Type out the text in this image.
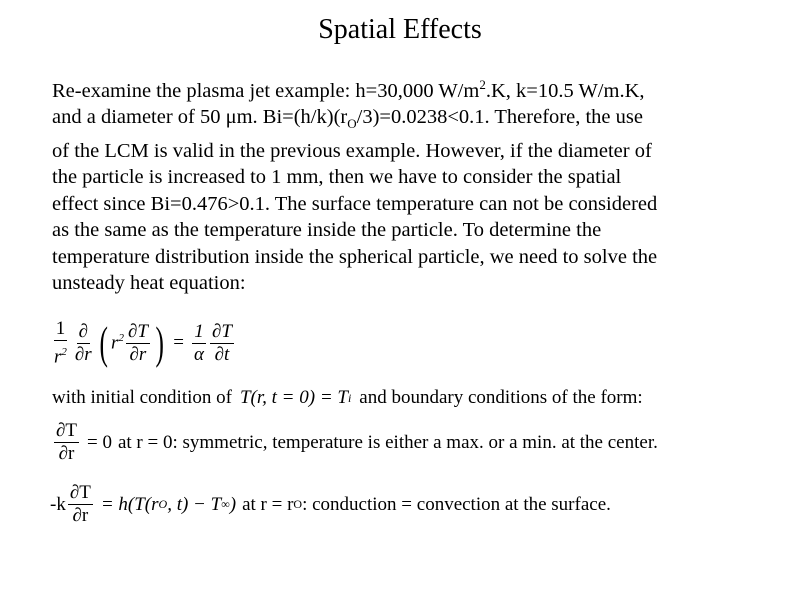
Spatial Effects
Re-examine the plasma jet example: h=30,000 $W/m^2.K$, k=10.5 W/m.K,
and a diameter of 50 μm. $Bi=(h/k)(r_O/3)=0.0238<0.1$. Therefore, the use
of the LCM is valid in the previous example. However, if the diameter of
the particle is increased to 1 mm, then we have to consider the spatial
effect since Bi=0.476>0.1. The surface temperature can not be considered
as the same as the temperature inside the particle. To determine the
temperature distribution inside the spherical particle, we need to solve the
unsteady heat equation:
$\frac{1}{r^2} \frac{\partial}{\partial r}$ ( $r^2 \frac{\partial T}{\partial r}$ ) = $\frac{1}{\alpha} \frac{\partial T}{\partial t}$
with initial condition of T(r, t = 0) = T i and boundary conditions of the form:
$\frac{\partial T}{\partial r} = 0$ at r = 0: symmetric, temperature is either a max. or a min. at the center.
$-k \frac{\partial T}{\partial r} = h(T(r$ O , t) − T ∞ ) at r = r O : conduction = convection at the surface.
